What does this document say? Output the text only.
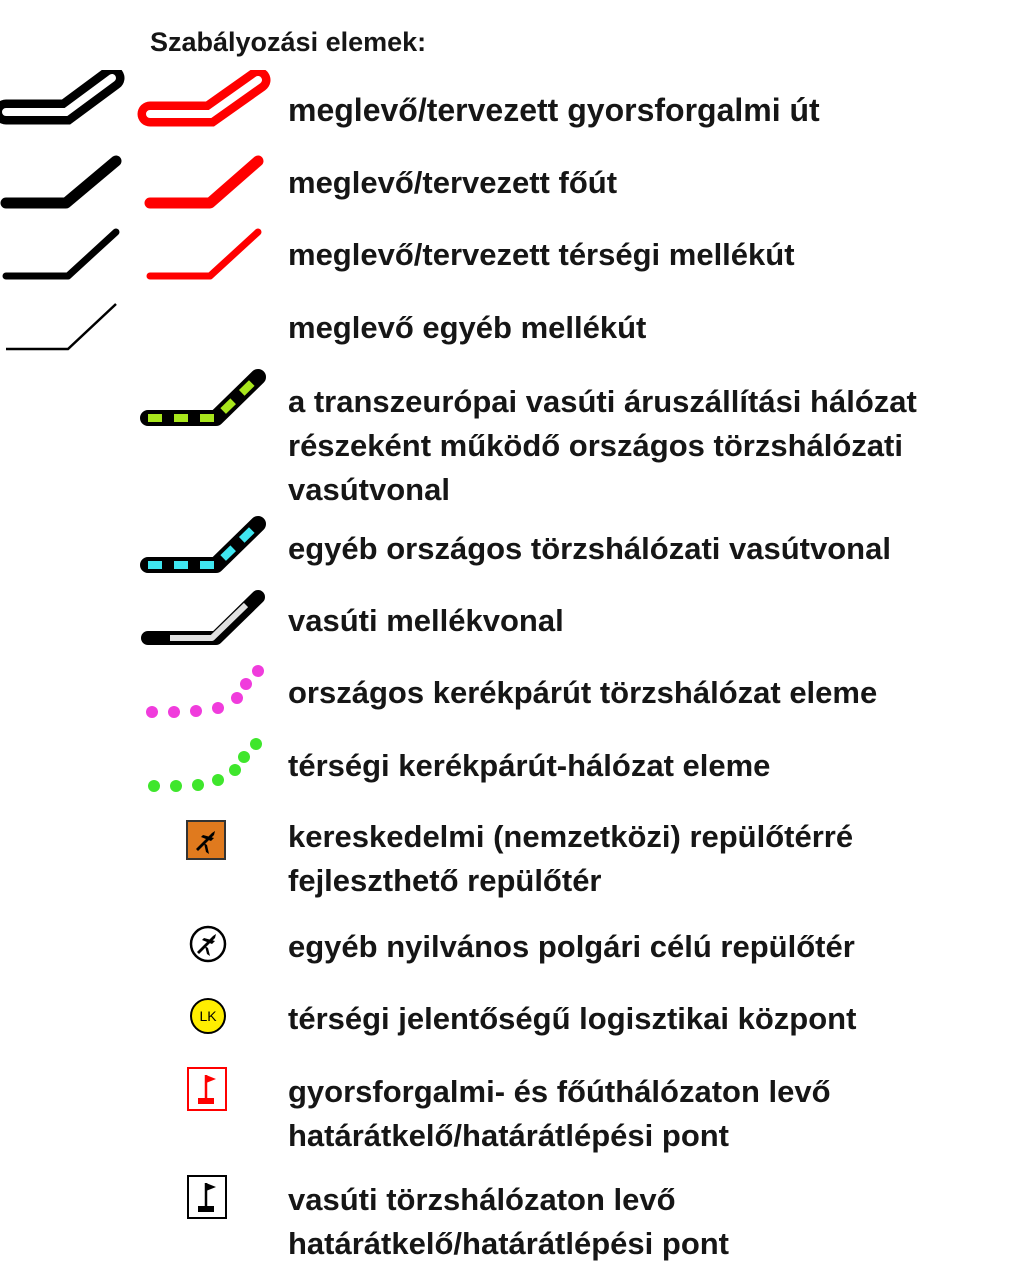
Szabályozási elemek:
meglevő/tervezett gyorsforgalmi út
meglevő/tervezett főút
meglevő/tervezett térségi mellékút
meglevő egyéb mellékút
a transzeurópai vasúti áruszállítási hálózat
részeként működő országos törzshálózati
vasútvonal
egyéb országos törzshálózati vasútvonal
vasúti mellékvonal
országos kerékpárút törzshálózat eleme
térségi kerékpárút-hálózat eleme
kereskedelmi (nemzetközi) repülőtérré
fejleszthető repülőtér
egyéb nyilvános polgári célú repülőtér
LK térségi jelentőségű logisztikai központ
gyorsforgalmi- és főúthálózaton levő
határátkelő/határátlépési pont
vasúti törzshálózaton levő
határátkelő/határátlépési pont
